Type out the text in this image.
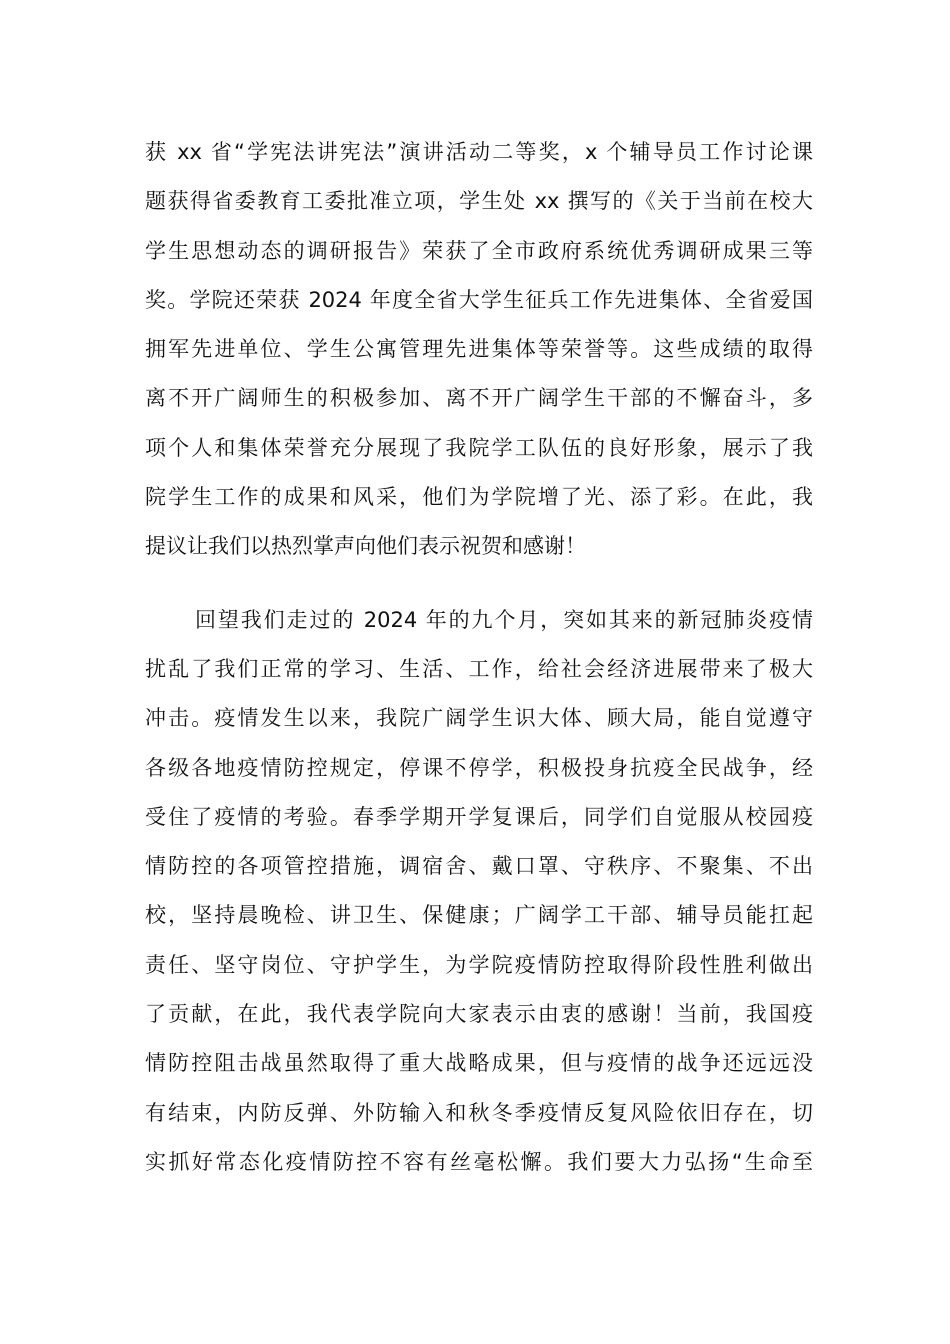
获 xx 省“学宪法讲宪法”演讲活动二等奖，x 个辅导员工作讨论课
题获得省委教育工委批准立项，学生处 xx 撰写的《关于当前在校大
学生思想动态的调研报告》荣获了全市政府系统优秀调研成果三等
奖。学院还荣获 2024 年度全省大学生征兵工作先进集体、全省爱国
拥军先进单位、学生公寓管理先进集体等荣誉等。这些成绩的取得
离不开广阔师生的积极参加、离不开广阔学生干部的不懈奋斗，多
项个人和集体荣誉充分展现了我院学工队伍的良好形象，展示了我
院学生工作的成果和风采，他们为学院增了光、添了彩。在此，我
提议让我们以热烈掌声向他们表示祝贺和感谢！
回望我们走过的 2024 年的九个月，突如其来的新冠肺炎疫情
扰乱了我们正常的学习、生活、工作，给社会经济进展带来了极大
冲击。疫情发生以来，我院广阔学生识大体、顾大局，能自觉遵守
各级各地疫情防控规定，停课不停学，积极投身抗疫全民战争，经
受住了疫情的考验。春季学期开学复课后，同学们自觉服从校园疫
情防控的各项管控措施，调宿舍、戴口罩、守秩序、不聚集、不出
校，坚持晨晚检、讲卫生、保健康；广阔学工干部、辅导员能扛起
责任、坚守岗位、守护学生，为学院疫情防控取得阶段性胜利做出
了贡献，在此，我代表学院向大家表示由衷的感谢！当前，我国疫
情防控阻击战虽然取得了重大战略成果，但与疫情的战争还远远没
有结束，内防反弹、外防输入和秋冬季疫情反复风险依旧存在，切
实抓好常态化疫情防控不容有丝毫松懈。我们要大力弘扬“生命至
